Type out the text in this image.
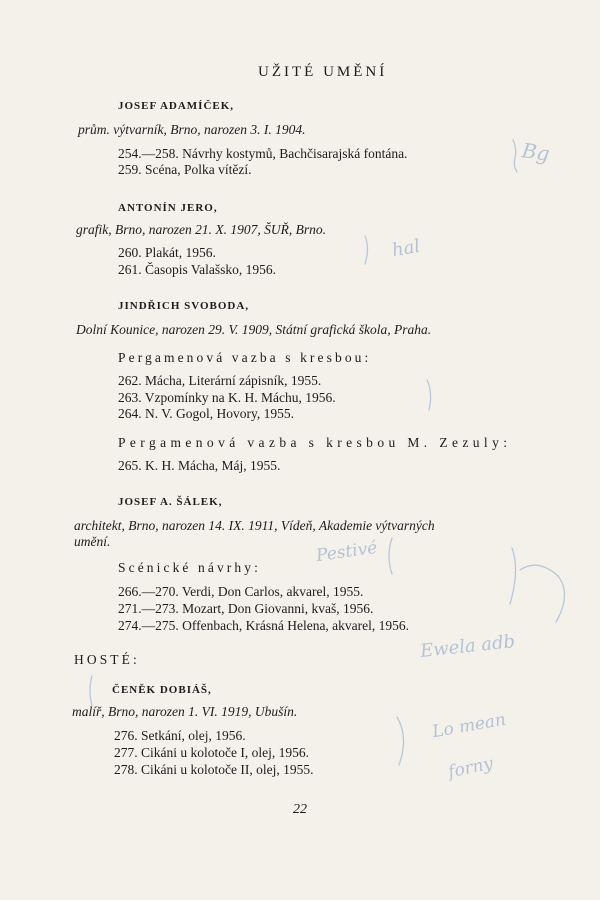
UŽITÉ UMĚNÍ
JOSEF ADAMÍČEK,
prům. výtvarník, Brno, narozen 3. I. 1904.
254.—258. Návrhy kostymů, Bachčisarajská fontána.
259. Scéna, Polka vítězí.
ANTONÍN JERO,
grafik, Brno, narozen 21. X. 1907, ŠUŘ, Brno.
260. Plakát, 1956.
261. Časopis Valašsko, 1956.
JINDŘICH SVOBODA,
Dolní Kounice, narozen 29. V. 1909, Státní grafická škola, Praha.
Pergamenová vazba s kresbou:
262. Mácha, Literární zápisník, 1955.
263. Vzpomínky na K. H. Máchu, 1956.
264. N. V. Gogol, Hovory, 1955.
Pergamenová vazba s kresbou M. Zezuly:
265. K. H. Mácha, Máj, 1955.
JOSEF A. ŠÁLEK,
architekt, Brno, narozen 14. IX. 1911, Vídeň, Akademie výtvarných
umění.
Scénické návrhy:
266.—270. Verdi, Don Carlos, akvarel, 1955.
271.—273. Mozart, Don Giovanni, kvaš, 1956.
274.—275. Offenbach, Krásná Helena, akvarel, 1956.
HOSTÉ:
ČENĚK DOBIÁŠ,
malíř, Brno, narozen 1. VI. 1919, Ubušín.
276. Setkání, olej, 1956.
277. Cikáni u kolotoče I, olej, 1956.
278. Cikáni u kolotoče II, olej, 1955.
22
Bg
hal
Pestivé
Ewela adb
Lo mean
forny
